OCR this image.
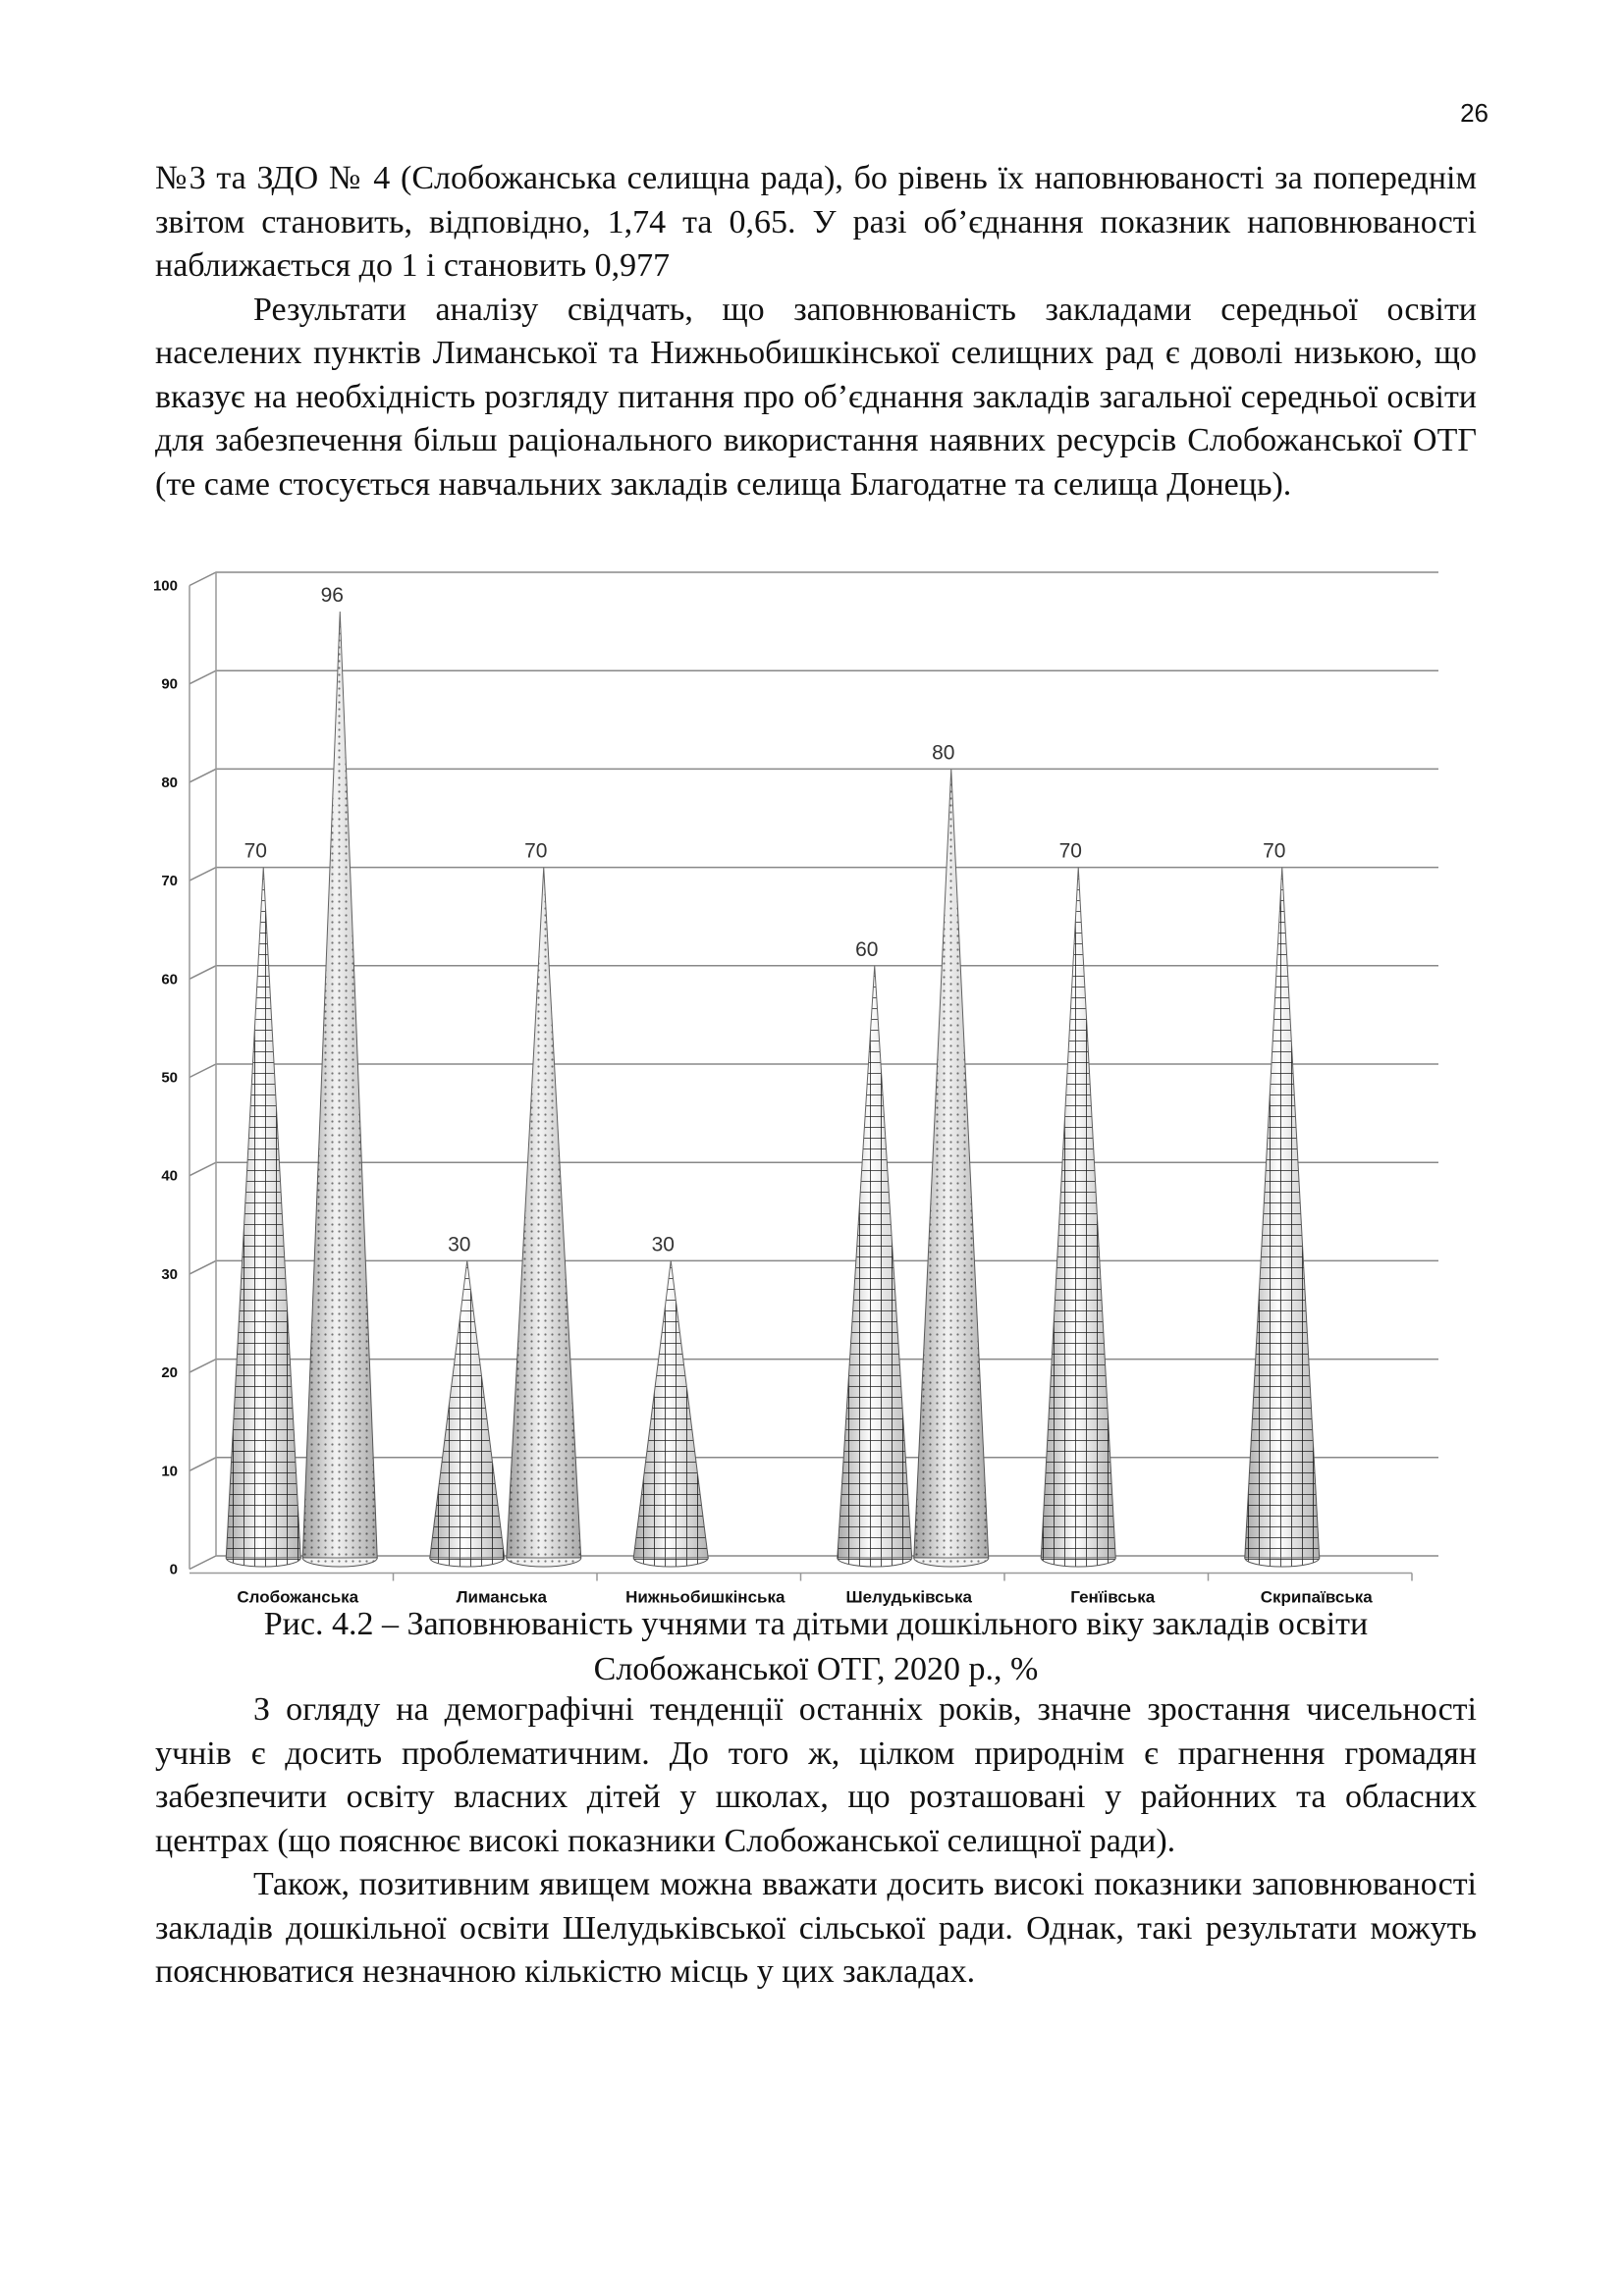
26

№3 та ЗДО № 4 (Слобожанська селищна рада), бо рівень їх наповнюваності за попереднім звітом становить, відповідно, 1,74 та 0,65. У разі об’єднання показник наповнюваності наближається до 1 і становить 0,977

Результати аналізу свідчать, що заповнюваність закладами середньої освіти населених пунктів Лиманської та Нижньобишкінської селищних рад є доволі низькою, що вказує на необхідність розгляду питання про об’єднання закладів загальної середньої освіти для забезпечення більш раціонального використання наявних ресурсів Слобожанської ОТГ (те саме стосується навчальних закладів селища Благодатне та селища Донець).

0
10
20
30
40
50
60
70
80
90
100
Слобожанська
70
96
Лиманська
30
70
Нижньобишкінська
30
Шелудьківська
60
80
Генїівська
70
Скрипаївська
70
Рис. 4.2 – Заповнюваність учнями та дітьми дошкільного віку закладів освіти Слобожанської ОТГ, 2020 р., %

З огляду на демографічні тенденції останніх років, значне зростання чисельності учнів є досить проблематичним. До того ж, цілком природнім є прагнення громадян забезпечити освіту власних дітей у школах, що розташовані у районних та обласних центрах (що пояснює високі показники Слобожанської селищної ради).

Також, позитивним явищем можна вважати досить високі показники заповнюваності закладів дошкільної освіти Шелудьківської сільської ради. Однак, такі результати можуть пояснюватися незначною кількістю місць у цих закладах.
